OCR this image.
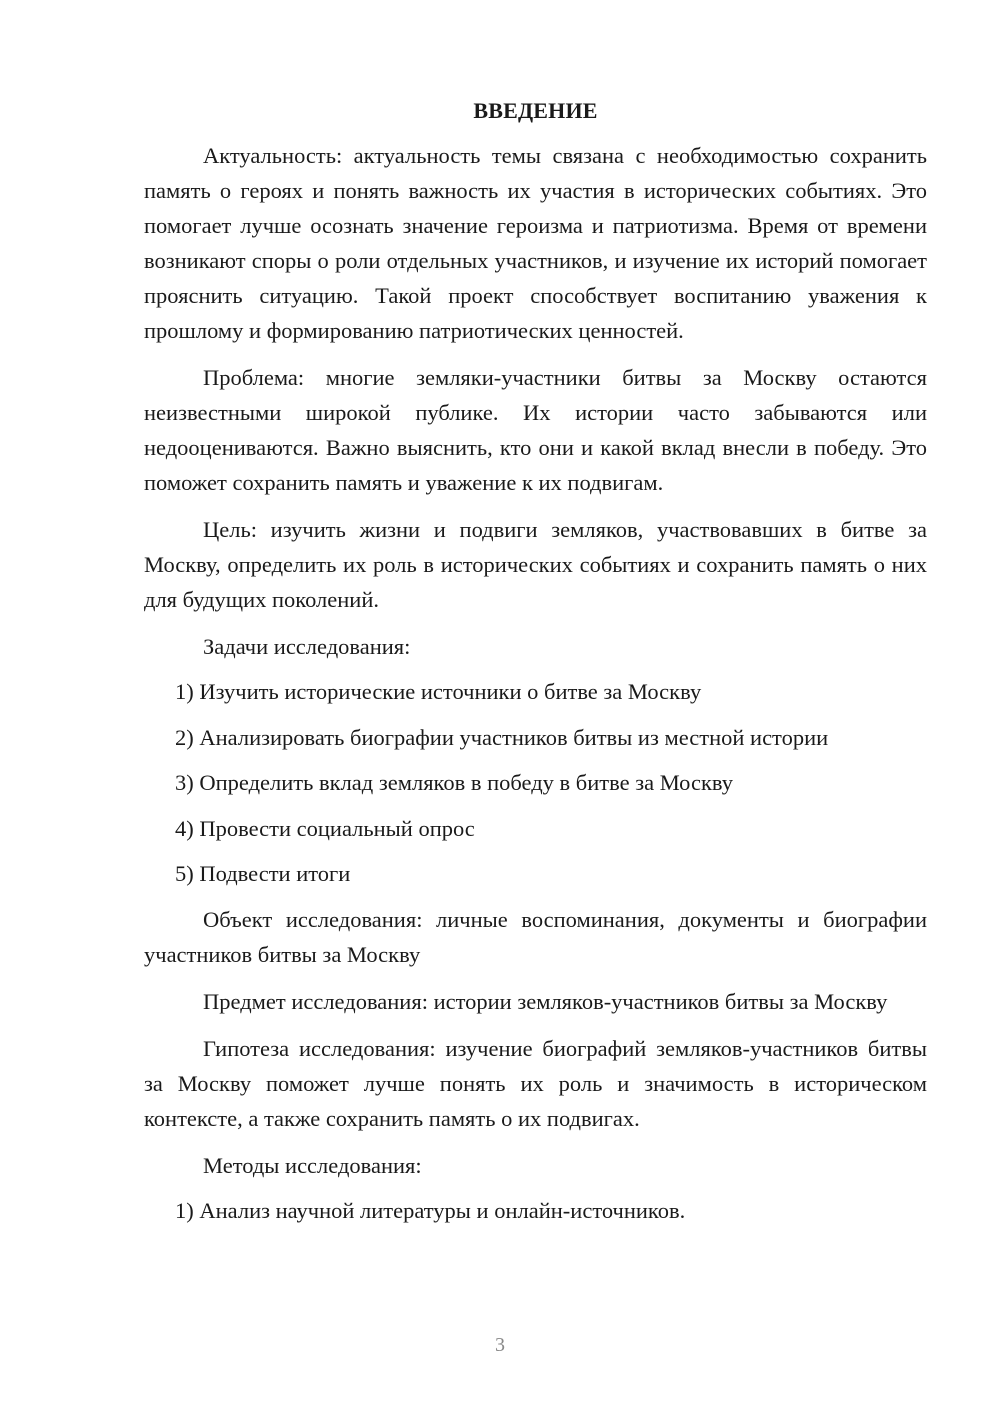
ВВЕДЕНИЕ

Актуальность: актуальность темы связана с необходимостью сохранить память о героях и понять важность их участия в исторических событиях. Это помогает лучше осознать значение героизма и патриотизма. Время от времени возникают споры о роли отдельных участников, и изучение их историй помогает прояснить ситуацию. Такой проект способствует воспитанию уважения к прошлому и формированию патриотических ценностей.

Проблема: многие земляки-участники битвы за Москву остаются неизвестными широкой публике. Их истории часто забываются или недооцениваются. Важно выяснить, кто они и какой вклад внесли в победу. Это поможет сохранить память и уважение к их подвигам.

Цель: изучить жизни и подвиги земляков, участвовавших в битве за Москву, определить их роль в исторических событиях и сохранить память о них для будущих поколений.

Задачи исследования:
1) Изучить исторические источники о битве за Москву
2) Анализировать биографии участников битвы из местной истории
3) Определить вклад земляков в победу в битве за Москву
4) Провести социальный опрос
5) Подвести итоги

Объект исследования: личные воспоминания, документы и биографии участников битвы за Москву

Предмет исследования: истории земляков-участников битвы за Москву

Гипотеза исследования: изучение биографий земляков-участников битвы за Москву поможет лучше понять их роль и значимость в историческом контексте, а также сохранить память о их подвигах.

Методы исследования:
1) Анализ научной литературы и онлайн-источников.
3
